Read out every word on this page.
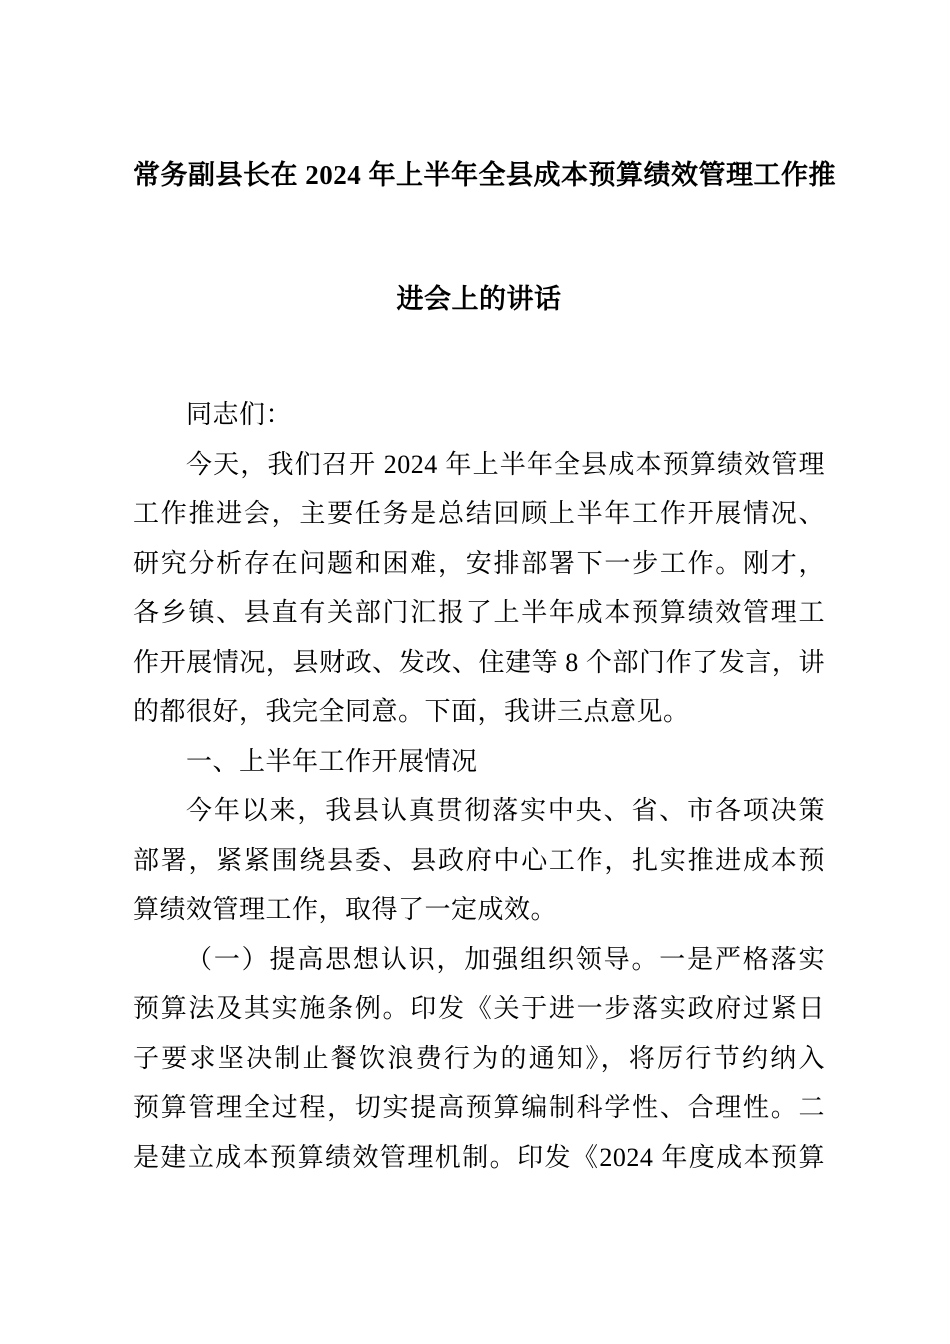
常务副县长在 2024 年上半年全县成本预算绩效管理工作推
进会上的讲话
同志们：
今天，我们召开 2024 年上半年全县成本预算绩效管理
工作推进会，主要任务是总结回顾上半年工作开展情况、
研究分析存在问题和困难，安排部署下一步工作。刚才，
各乡镇、县直有关部门汇报了上半年成本预算绩效管理工
作开展情况，县财政、发改、住建等 8 个部门作了发言，讲
的都很好，我完全同意。下面，我讲三点意见。
一、上半年工作开展情况
今年以来，我县认真贯彻落实中央、省、市各项决策
部署，紧紧围绕县委、县政府中心工作，扎实推进成本预
算绩效管理工作，取得了一定成效。
（一）提高思想认识，加强组织领导。一是严格落实
预算法及其实施条例。印发《关于进一步落实政府过紧日
子要求坚决制止餐饮浪费行为的通知》，将厉行节约纳入
预算管理全过程，切实提高预算编制科学性、合理性。二
是建立成本预算绩效管理机制。印发《2024 年度成本预算
